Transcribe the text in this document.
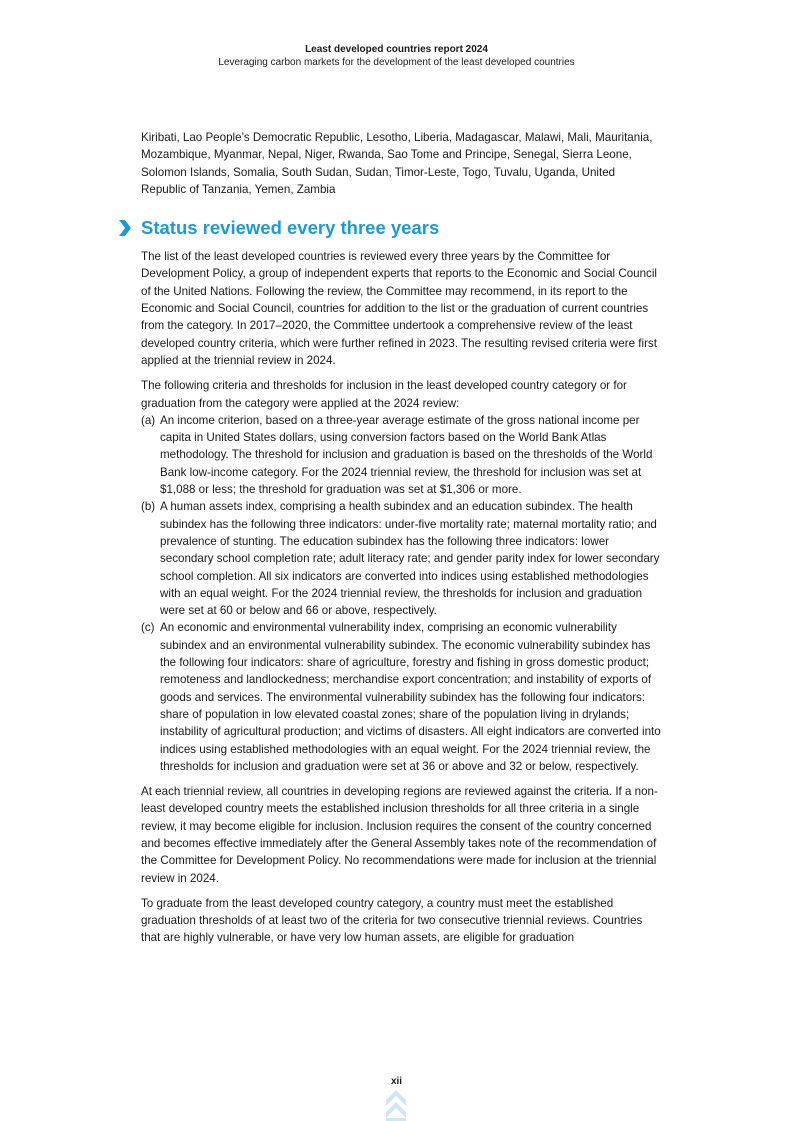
Least developed countries report 2024
Leveraging carbon markets for the development of the least developed countries

Kiribati, Lao People’s Democratic Republic, Lesotho, Liberia, Madagascar, Malawi, Mali, Mauritania, Mozambique, Myanmar, Nepal, Niger, Rwanda, Sao Tome and Principe, Senegal, Sierra Leone, Solomon Islands, Somalia, South Sudan, Sudan, Timor-Leste, Togo, Tuvalu, Uganda, United Republic of Tanzania, Yemen, Zambia

Status reviewed every three years

The list of the least developed countries is reviewed every three years by the Committee for Development Policy, a group of independent experts that reports to the Economic and Social Council of the United Nations. Following the review, the Committee may recommend, in its report to the Economic and Social Council, countries for addition to the list or the graduation of current countries from the category. In 2017–2020, the Committee undertook a comprehensive review of the least developed country criteria, which were further refined in 2023. The resulting revised criteria were first applied at the triennial review in 2024.

The following criteria and thresholds for inclusion in the least developed country category or for graduation from the category were applied at the 2024 review:

(a) An income criterion, based on a three-year average estimate of the gross national income per capita in United States dollars, using conversion factors based on the World Bank Atlas methodology. The threshold for inclusion and graduation is based on the thresholds of the World Bank low-income category. For the 2024 triennial review, the threshold for inclusion was set at $1,088 or less; the threshold for graduation was set at $1,306 or more.
(b) A human assets index, comprising a health subindex and an education subindex. The health subindex has the following three indicators: under-five mortality rate; maternal mortality ratio; and prevalence of stunting. The education subindex has the following three indicators: lower secondary school completion rate; adult literacy rate; and gender parity index for lower secondary school completion. All six indicators are converted into indices using established methodologies with an equal weight. For the 2024 triennial review, the thresholds for inclusion and graduation were set at 60 or below and 66 or above, respectively.
(c) An economic and environmental vulnerability index, comprising an economic vulnerability subindex and an environmental vulnerability subindex. The economic vulnerability subindex has the following four indicators: share of agriculture, forestry and fishing in gross domestic product; remoteness and landlockedness; merchandise export concentration; and instability of exports of goods and services. The environmental vulnerability subindex has the following four indicators: share of population in low elevated coastal zones; share of the population living in drylands; instability of agricultural production; and victims of disasters. All eight indicators are converted into indices using established methodologies with an equal weight. For the 2024 triennial review, the thresholds for inclusion and graduation were set at 36 or above and 32 or below, respectively.

At each triennial review, all countries in developing regions are reviewed against the criteria. If a non-least developed country meets the established inclusion thresholds for all three criteria in a single review, it may become eligible for inclusion. Inclusion requires the consent of the country concerned and becomes effective immediately after the General Assembly takes note of the recommendation of the Committee for Development Policy. No recommendations were made for inclusion at the triennial review in 2024.

To graduate from the least developed country category, a country must meet the established graduation thresholds of at least two of the criteria for two consecutive triennial reviews. Countries that are highly vulnerable, or have very low human assets, are eligible for graduation

xii
